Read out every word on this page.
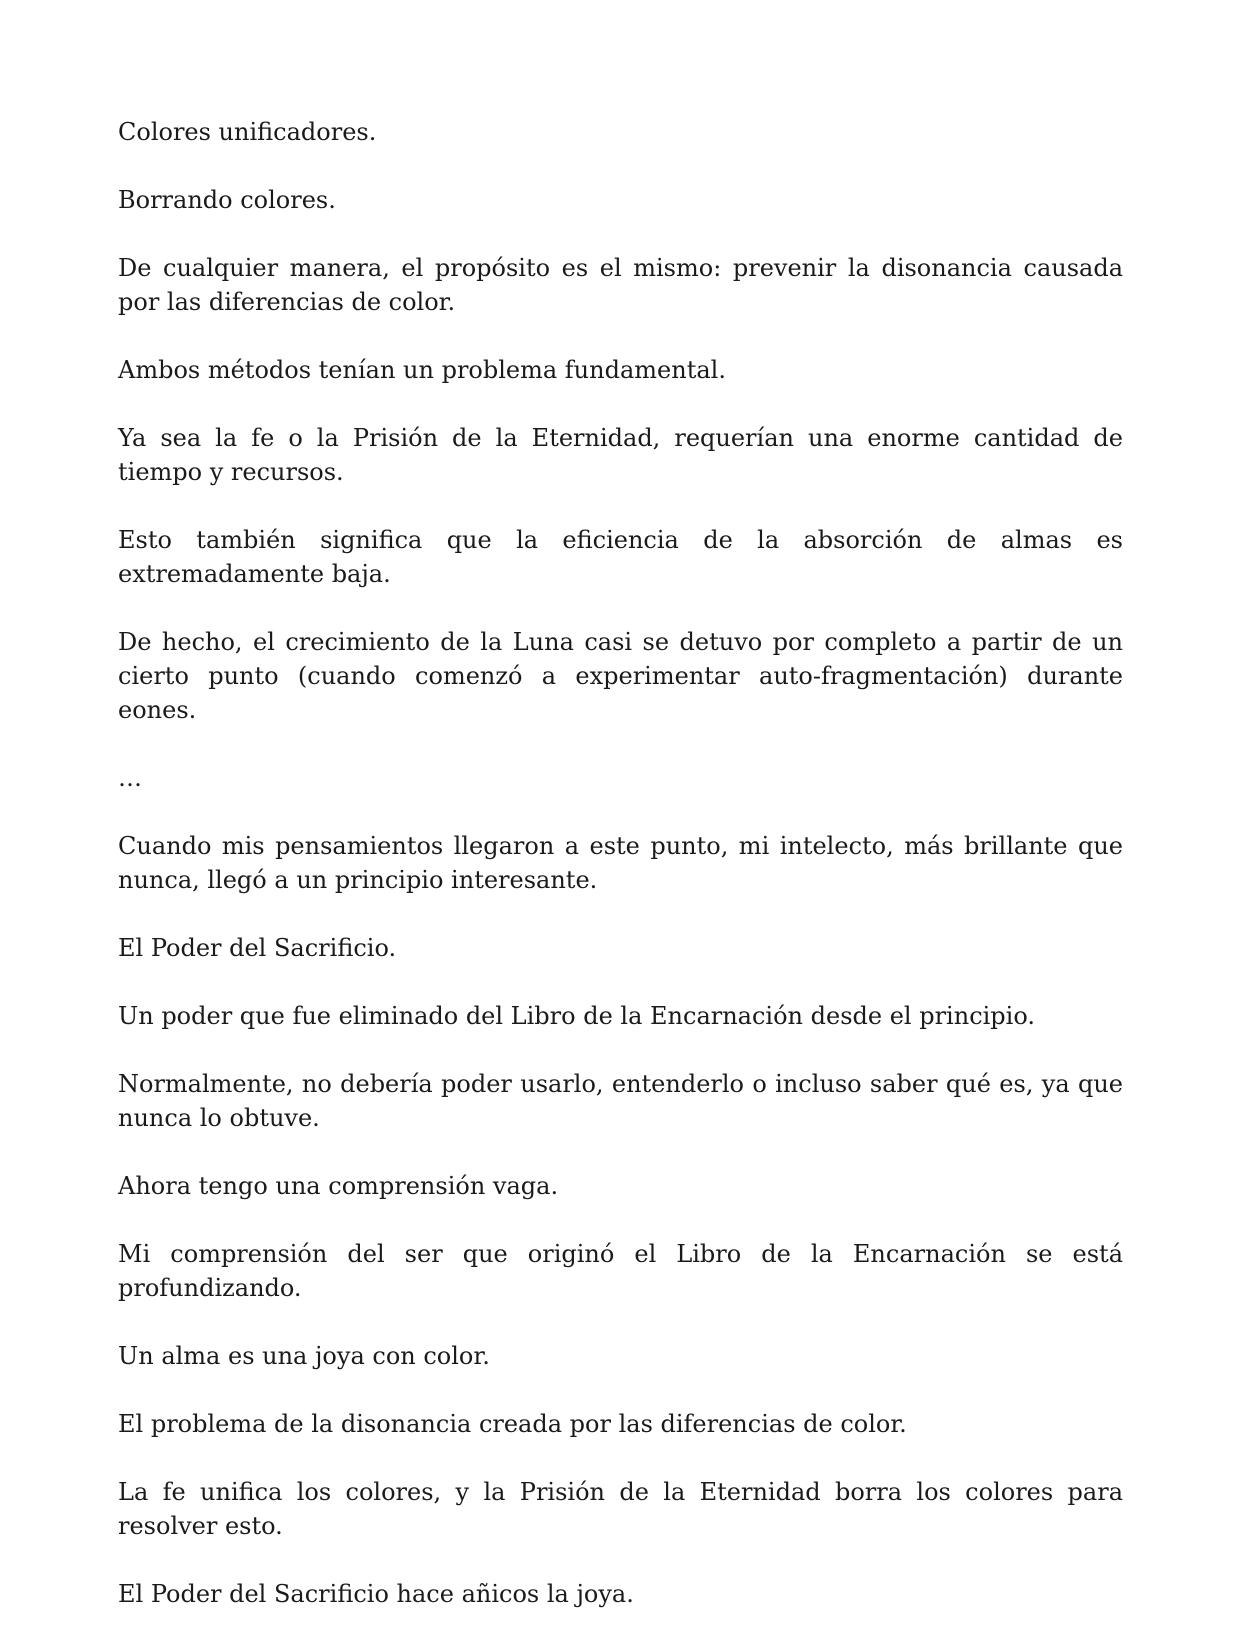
Colores unificadores.

Borrando colores.

De cualquier manera, el propósito es el mismo: prevenir la disonancia causada por las diferencias de color.

Ambos métodos tenían un problema fundamental.

Ya sea la fe o la Prisión de la Eternidad, requerían una enorme cantidad de tiempo y recursos.

Esto también significa que la eficiencia de la absorción de almas es extremadamente baja.

De hecho, el crecimiento de la Luna casi se detuvo por completo a partir de un cierto punto (cuando comenzó a experimentar auto-fragmentación) durante eones.

…

Cuando mis pensamientos llegaron a este punto, mi intelecto, más brillante que nunca, llegó a un principio interesante.

El Poder del Sacrificio.

Un poder que fue eliminado del Libro de la Encarnación desde el principio.

Normalmente, no debería poder usarlo, entenderlo o incluso saber qué es, ya que nunca lo obtuve.

Ahora tengo una comprensión vaga.

Mi comprensión del ser que originó el Libro de la Encarnación se está profundizando.

Un alma es una joya con color.

El problema de la disonancia creada por las diferencias de color.

La fe unifica los colores, y la Prisión de la Eternidad borra los colores para resolver esto.

El Poder del Sacrificio hace añicos la joya.
